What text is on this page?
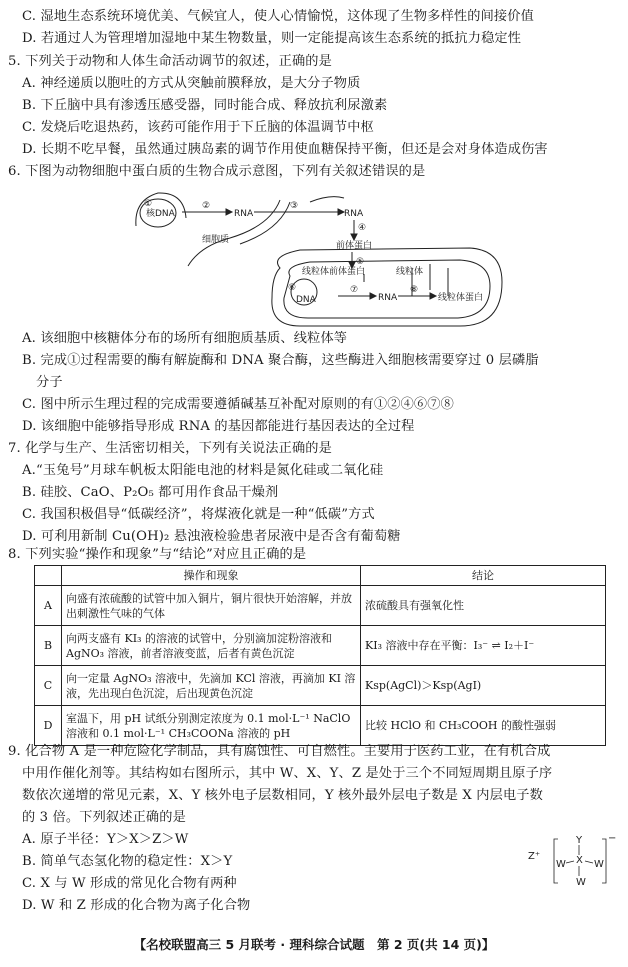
C. 湿地生态系统环境优美、气候宜人，使人心情愉悦，这体现了生物多样性的间接价值
D. 若通过人为管理增加湿地中某生物数量，则一定能提高该生态系统的抵抗力稳定性
5. 下列关于动物和人体生命活动调节的叙述，正确的是
A. 神经递质以胞吐的方式从突触前膜释放，是大分子物质
B. 下丘脑中具有渗透压感受器，同时能合成、释放抗利尿激素
C. 发烧后吃退热药，该药可能作用于下丘脑的体温调节中枢
D. 长期不吃早餐，虽然通过胰岛素的调节作用使血糖保持平衡，但还是会对身体造成伤害
6. 下图为动物细胞中蛋白质的生物合成示意图，下列有关叙述错误的是
核DNA
①	②
RNA
③
RNA
④
前体蛋白
细胞质
⑤
线粒体前体蛋白	线粒体
⑥
DNA
⑦
RNA
⑧
线粒体蛋白
A. 该细胞中核糖体分布的场所有细胞质基质、线粒体等
B. 完成①过程需要的酶有解旋酶和 DNA 聚合酶，这些酶进入细胞核需要穿过 0 层磷脂
分子
C. 图中所示生理过程的完成需要遵循碱基互补配对原则的有①②④⑥⑦⑧
D. 该细胞中能够指导形成 RNA 的基因都能进行基因表达的全过程
7. 化学与生产、生活密切相关，下列有关说法正确的是
A.“玉兔号”月球车帆板太阳能电池的材料是氮化硅或二氧化硅
B. 硅胶、CaO、P₂O₅ 都可用作食品干燥剂
C. 我国积极倡导“低碳经济”，将煤液化就是一种“低碳”方式
D. 可利用新制 Cu(OH)₂ 悬浊液检验患者尿液中是否含有葡萄糖
8. 下列实验“操作和现象”与“结论”对应且正确的是
	操作和现象	结论
A	向盛有浓硫酸的试管中加入铜片，铜片很快开始溶解，并放出刺激性气味的气体	浓硫酸具有强氧化性
B	向两支盛有 KI₃ 的溶液的试管中，分别滴加淀粉溶液和 AgNO₃ 溶液，前者溶液变蓝，后者有黄色沉淀	KI₃ 溶液中存在平衡：I₃⁻ ⇌ I₂＋I⁻
C	向一定量 AgNO₃ 溶液中，先滴加 KCl 溶液，再滴加 KI 溶液，先出现白色沉淀，后出现黄色沉淀	Ksp(AgCl)＞Ksp(AgI)
D	室温下，用 pH 试纸分别测定浓度为 0.1 mol·L⁻¹ NaClO 溶液和 0.1 mol·L⁻¹ CH₃COONa 溶液的 pH	比较 HClO 和 CH₃COOH 的酸性强弱
9. 化合物 A 是一种危险化学制品，具有腐蚀性、可自燃性。主要用于医药工业，在有机合成
中用作催化剂等。其结构如右图所示，其中 W、X、Y、Z 是处于三个不同短周期且原子序
数依次递增的常见元素，X、Y 核外电子层数相同，Y 核外最外层电子数是 X 内层电子数
的 3 倍。下列叙述正确的是
A. 原子半径：Y＞X＞Z＞W
B. 简单气态氢化物的稳定性：X＞Y
C. X 与 W 形成的常见化合物有两种
D. W 和 Z 形成的化合物为离子化合物
Z⁺
Y
X
W	W
W
−
【名校联盟高三 5 月联考 · 理科综合试题　第 2 页(共 14 页)】
